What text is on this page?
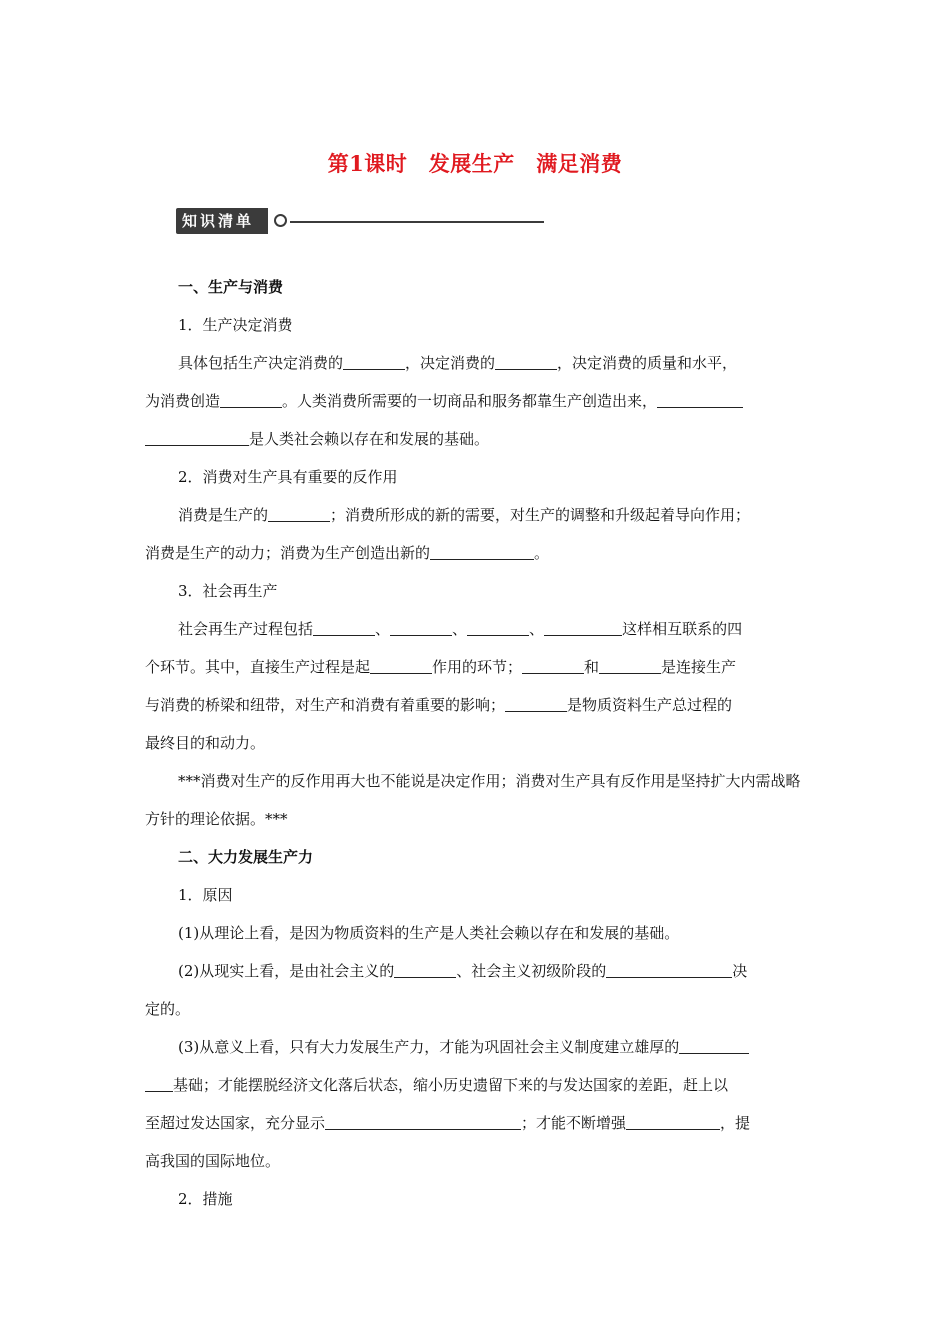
第1课时　发展生产　满足消费
知识清单

一、生产与消费

1．生产决定消费

具体包括生产决定消费的	，决定消费的	，决定消费的质量和水平，

为消费创造	。人类消费所需要的一切商品和服务都靠生产创造出来，

是人类社会赖以存在和发展的基础。

2．消费对生产具有重要的反作用

消费是生产的	；消费所形成的新的需要，对生产的调整和升级起着导向作用；

消费是生产的动力；消费为生产创造出新的	。

3．社会再生产

社会再生产过程包括	、	、	、	这样相互联系的四

个环节。其中，直接生产过程是起	作用的环节；	和	是连接生产

与消费的桥梁和纽带，对生产和消费有着重要的影响；	是物质资料生产总过程的

最终目的和动力。

***消费对生产的反作用再大也不能说是决定作用；消费对生产具有反作用是坚持扩大内需战略方针的理论依据。***

二、大力发展生产力

1．原因

(1)从理论上看，是因为物质资料的生产是人类社会赖以存在和发展的基础。

(2)从现实上看，是由社会主义的	、社会主义初级阶段的	决

定的。

(3)从意义上看，只有大力发展生产力，才能为巩固社会主义制度建立雄厚的

基础；才能摆脱经济文化落后状态，缩小历史遗留下来的与发达国家的差距，赶上以

至超过发达国家，充分显示	；才能不断增强	，提

高我国的国际地位。

2．措施
